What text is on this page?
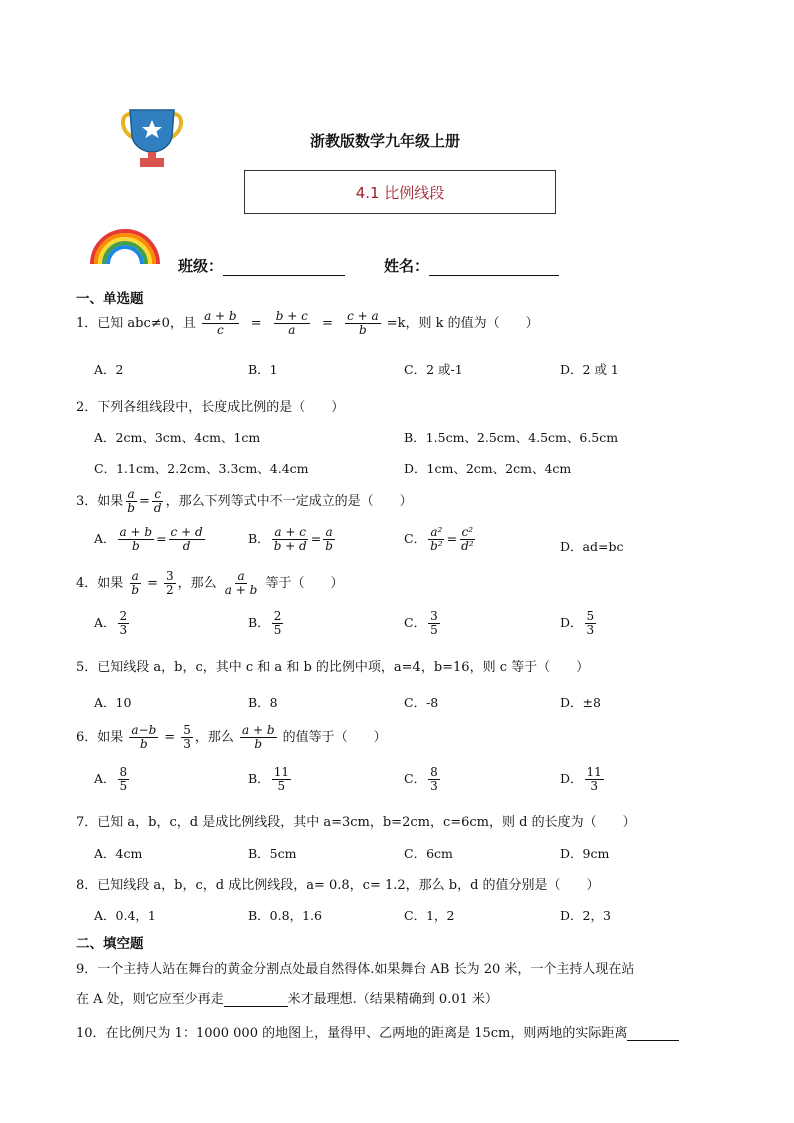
浙教版数学九年级上册
4.1 比例线段
班级：	姓名：
一、单选题
1．已知 abc≠0，且 $\frac{a + b}{c} = \frac{b + c}{a} = \frac{c + a}{b} =k$，则 k 的值为（　　）
A．2	B．1	C．2 或-1	D．2 或 1
2．下列各组线段中，长度成比例的是（　　）
A．2cm、3cm、4cm、1cm	B．1.5cm、2.5cm、4.5cm、6.5cm
C．1.1cm、2.2cm、3.3cm、4.4cm	D．1cm、2cm、2cm、4cm
3．如果 $\frac{a}{b} = \frac{c}{d}$ ，那么下列等式中不一定成立的是（　　）
A． $\frac{a + b}{b} = \frac{c + d}{d}$	B． $\frac{a + c}{b + d} = \frac{a}{b}$	C． $\frac{\text{a²}}{\text{b²}} = \frac{\text{c²}}{\text{d²}}$	D．ad=bc
4．如果 $\frac{a}{b} = \frac{3}{2}$ ，那么 $\frac{a}{a + b}$ 等于（　　）
A． $\frac{2}{3}$	B． $\frac{2}{5}$	C． $\frac{3}{5}$	D． $\frac{5}{3}$
5．已知线段 a，b，c，其中 c 和 a 和 b 的比例中项，a=4，b=16，则 c 等于（　　）
A．10	B．8	C．-8	D．±8
6．如果 $\frac{a-b}{b} = \frac{5}{3}$ ，那么 $\frac{a + b}{b}$ 的值等于（　　）
A． $\frac{8}{5}$	B． $\frac{11}{5}$	C． $\frac{8}{3}$	D． $\frac{11}{3}$
7．已知 a，b，c，d 是成比例线段，其中 a=3cm，b=2cm，c=6cm，则 d 的长度为（　　）
A．4cm	B．5cm	C．6cm	D．9cm
8．已知线段 a，b，c，d 成比例线段，a= 0.8，c= 1.2，那么 b，d 的值分别是（　　）
A．0.4，1	B．0.8，1.6	C．1，2	D．2，3
二、填空题
9．一个主持人站在舞台的黄金分割点处最自然得体.如果舞台 AB 长为 20 米，一个主持人现在站
在 A 处，则它应至少再走	米才最理想.（结果精确到 0.01 米）
10．在比例尺为 1：1000 000 的地图上，量得甲、乙两地的距离是 15cm，则两地的实际距离
